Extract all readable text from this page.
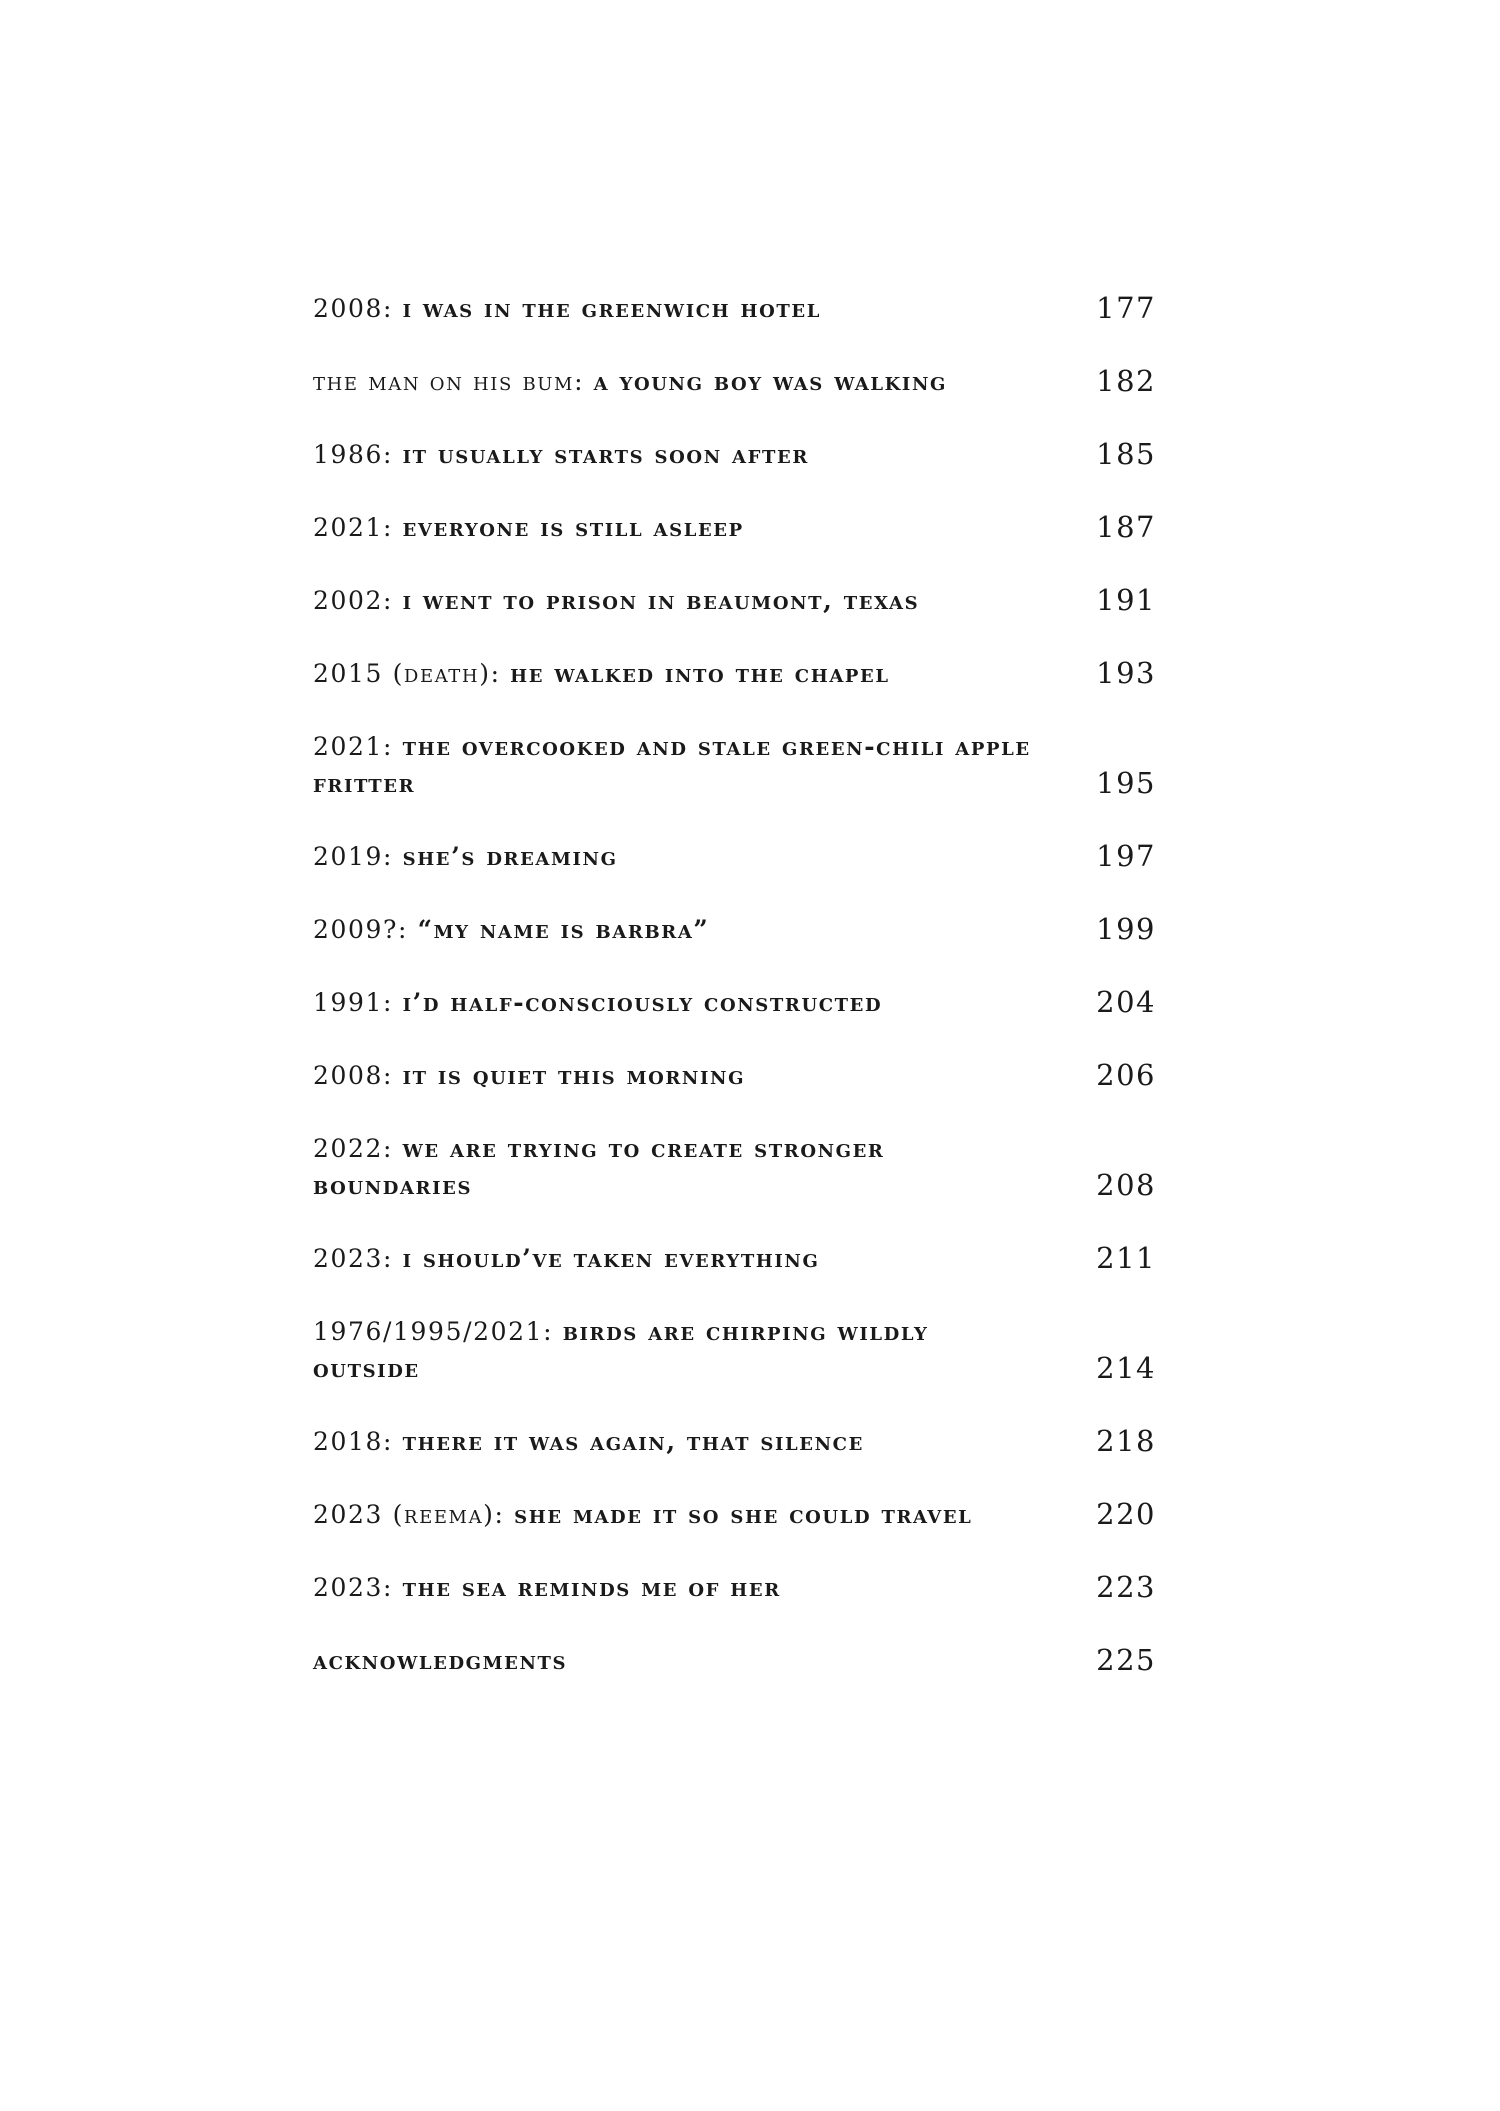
2008: i was in the greenwich hotel	177
the man on his bum: a young boy was walking	182
1986: it usually starts soon after	185
2021: everyone is still asleep	187
2002: i went to prison in beaumont, texas	191
2015 (death): he walked into the chapel	193
2021: the overcooked and stale green-chili apple fritter	195
2019: she’s dreaming	197
2009?: “my name is barbra”	199
1991: i’d half-consciously constructed	204
2008: it is quiet this morning	206
2022: we are trying to create stronger boundaries	208
2023: i should’ve taken everything	211
1976/1995/2021: birds are chirping wildly outside	214
2018: there it was again, that silence	218
2023 (reema): she made it so she could travel	220
2023: the sea reminds me of her	223
acknowledgments	225
